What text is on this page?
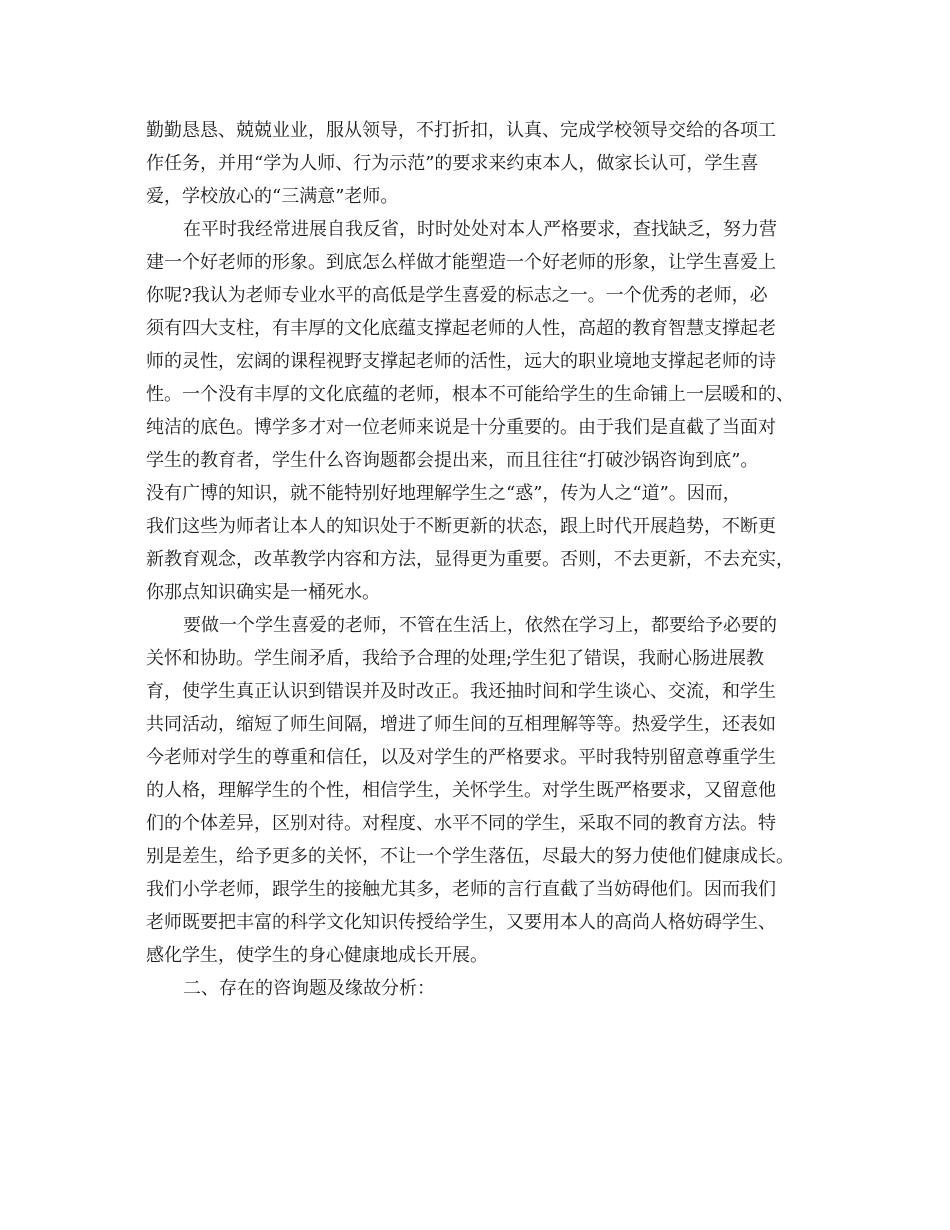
勤勤恳恳、兢兢业业，服从领导，不打折扣，认真、完成学校领导交给的各项工
作任务，并用“学为人师、行为示范”的要求来约束本人，做家长认可，学生喜
爱，学校放心的“三满意”老师。
在平时我经常进展自我反省，时时处处对本人严格要求，查找缺乏，努力营
建一个好老师的形象。到底怎么样做才能塑造一个好老师的形象，让学生喜爱上
你呢?我认为老师专业水平的高低是学生喜爱的标志之一。一个优秀的老师，必
须有四大支柱，有丰厚的文化底蕴支撑起老师的人性，高超的教育智慧支撑起老
师的灵性，宏阔的课程视野支撑起老师的活性，远大的职业境地支撑起老师的诗
性。一个没有丰厚的文化底蕴的老师，根本不可能给学生的生命铺上一层暖和的、
纯洁的底色。博学多才对一位老师来说是十分重要的。由于我们是直截了当面对
学生的教育者，学生什么咨询题都会提出来，而且往往“打破沙锅咨询到底”。
没有广博的知识，就不能特别好地理解学生之“惑”，传为人之“道”。因而，
我们这些为师者让本人的知识处于不断更新的状态，跟上时代开展趋势，不断更
新教育观念，改革教学内容和方法，显得更为重要。否则，不去更新，不去充实，
你那点知识确实是一桶死水。
要做一个学生喜爱的老师，不管在生活上，依然在学习上，都要给予必要的
关怀和协助。学生闹矛盾，我给予合理的处理;学生犯了错误，我耐心肠进展教
育，使学生真正认识到错误并及时改正。我还抽时间和学生谈心、交流，和学生
共同活动，缩短了师生间隔，增进了师生间的互相理解等等。热爱学生，还表如
今老师对学生的尊重和信任，以及对学生的严格要求。平时我特别留意尊重学生
的人格，理解学生的个性，相信学生，关怀学生。对学生既严格要求，又留意他
们的个体差异，区别对待。对程度、水平不同的学生，采取不同的教育方法。特
别是差生，给予更多的关怀，不让一个学生落伍，尽最大的努力使他们健康成长。
我们小学老师，跟学生的接触尤其多，老师的言行直截了当妨碍他们。因而我们
老师既要把丰富的科学文化知识传授给学生，又要用本人的高尚人格妨碍学生、
感化学生，使学生的身心健康地成长开展。
二、存在的咨询题及缘故分析：
